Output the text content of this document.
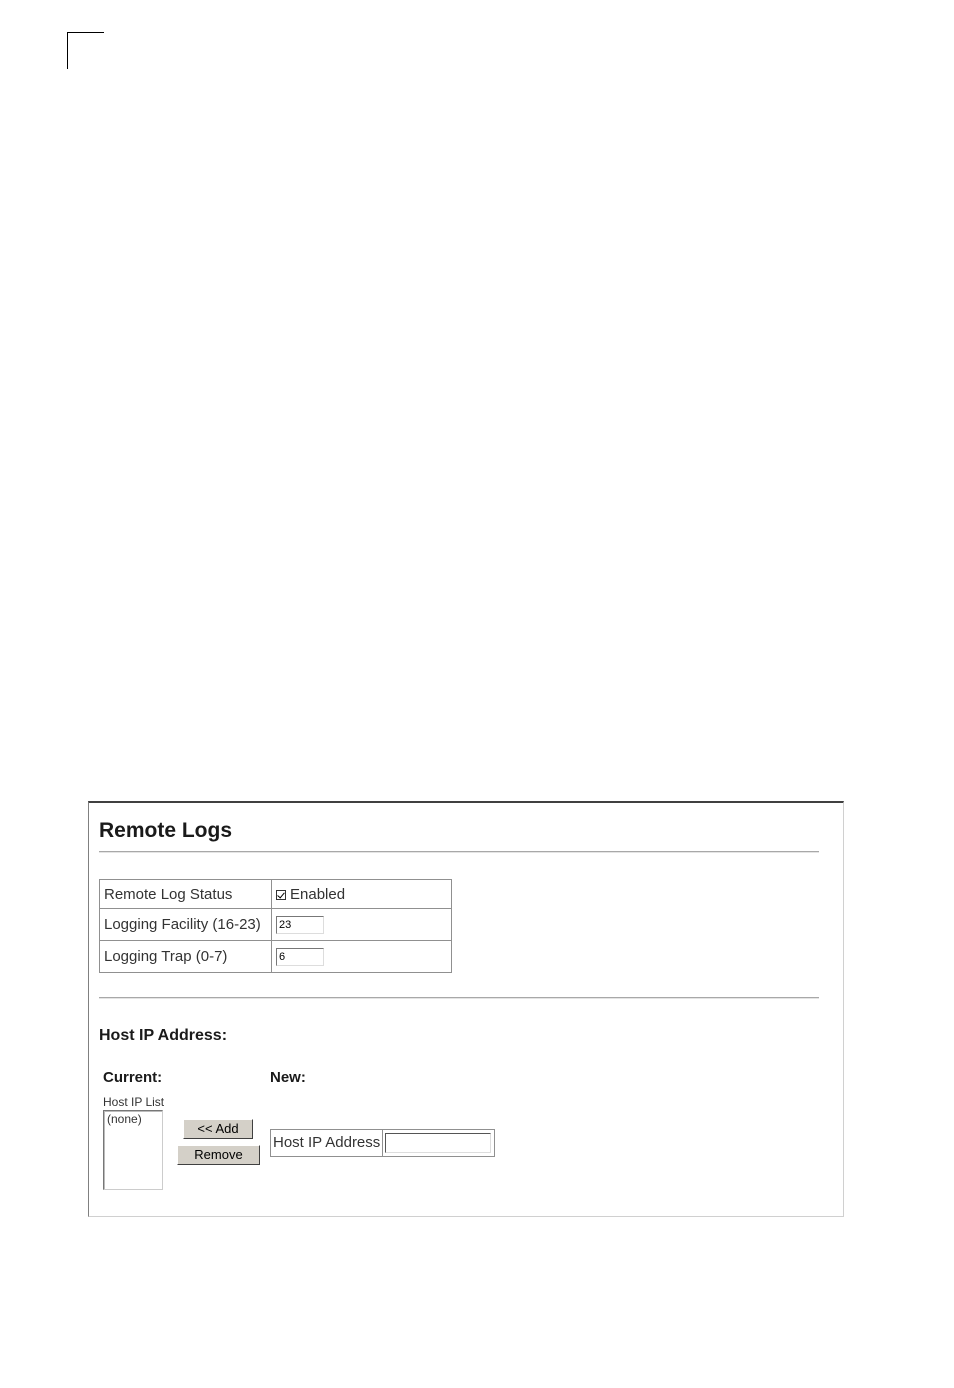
Remote Logs
Remote Log Status	Enabled
Logging Facility (16-23)	23
Logging Trap (0-7)	6
Host IP Address:
Current:	New:
Host IP List
(none)
<< Add
Remove
Host IP Address
